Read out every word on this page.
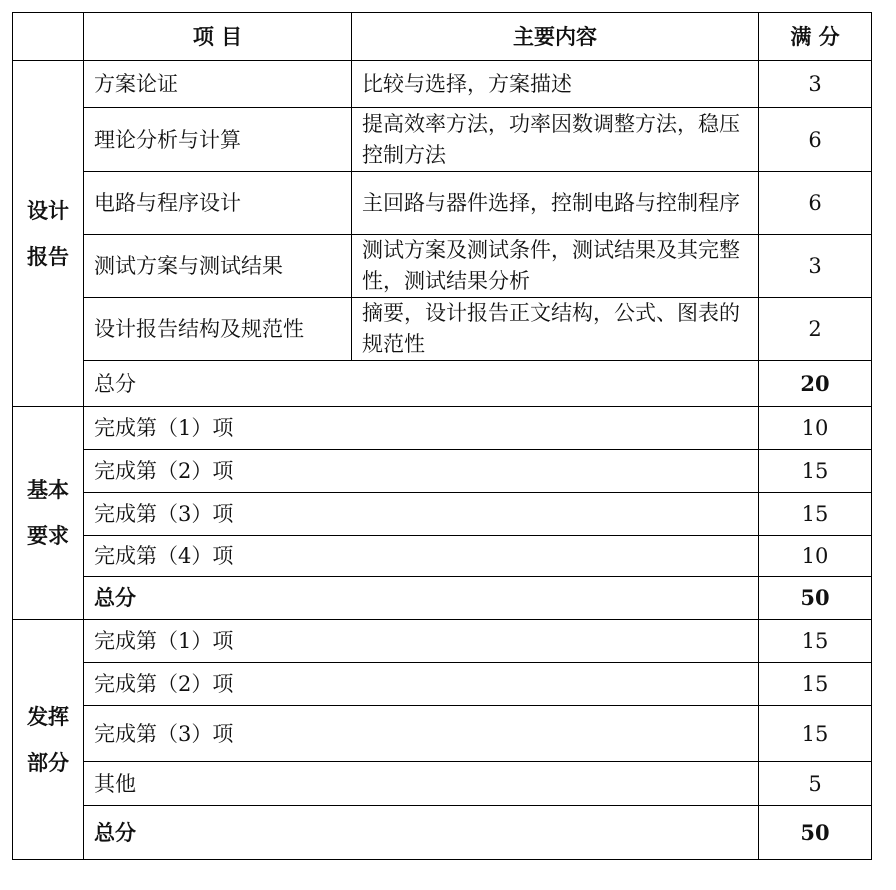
	项 目	主要内容	满 分

设计
报告	方案论证	比较与选择，方案描述	3
	理论分析与计算	提高效率方法，功率因数调整方法，稳压控制方法	6
	电路与程序设计	主回路与器件选择，控制电路与控制程序	6
	测试方案与测试结果	测试方案及测试条件，测试结果及其完整性，测试结果分析	3
	设计报告结构及规范性	摘要，设计报告正文结构，公式、图表的规范性	2
	总分		20

基本
要求	完成第（1）项		10
	完成第（2）项		15
	完成第（3）项		15
	完成第（4）项		10
	总分		50

发挥
部分	完成第（1）项		15
	完成第（2）项		15
	完成第（3）项		15
	其他		5
	总分		50
